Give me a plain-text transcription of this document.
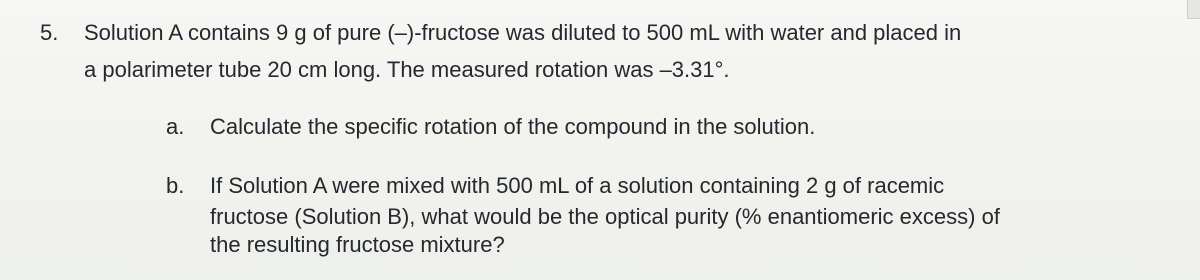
5. Solution A contains 9 g of pure (–)-fructose was diluted to 500 mL with water and placed in
a polarimeter tube 20 cm long. The measured rotation was –3.31°.
a. Calculate the specific rotation of the compound in the solution.
b. If Solution A were mixed with 500 mL of a solution containing 2 g of racemic
fructose (Solution B), what would be the optical purity (% enantiomeric excess) of
the resulting fructose mixture?
